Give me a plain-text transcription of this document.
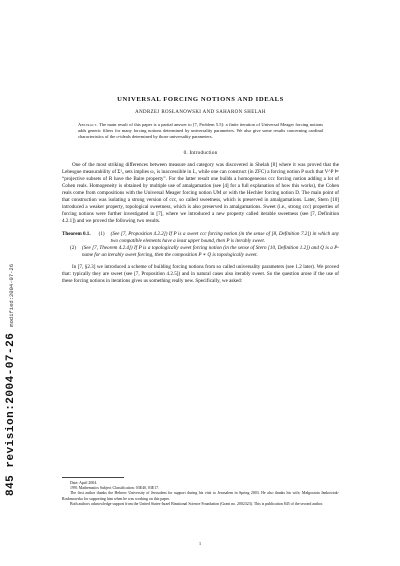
845 revision:2004-07-26
modified:2004-07-26
UNIVERSAL FORCING NOTIONS AND IDEALS
ANDRZEJ ROSŁANOWSKI AND SAHARON SHELAH
Abstract. The main result of this paper is a partial answer to [7, Problem 5.5]: a finite iteration of Universal Meager forcing notions adds generic filters for many forcing notions determined by universality parameters. We also give some results concerning cardinal characteristics of the σ-ideals determined by those universality parameters.
0. Introduction

One of the most striking differences between measure and category was discovered in Shelah [8] where it was proved that the Lebesgue measurability of Σ¹₃ sets implies ω₁ is inaccessible in L, while one can construct (in ZFC) a forcing notion P such that V^P ⊨ “projective subsets of R have the Baire property”. For the latter result one builds a homogeneous ccc forcing notion adding a lot of Cohen reals. Homogeneity is obtained by multiple use of amalgamation (see [4] for a full explanation of how this works), the Cohen reals come from compositions with the Universal Meager forcing notion UM or with the Hechler forcing notion D. The main point of that construction was isolating a strong version of ccc, so called sweetness, which is preserved in amalgamations. Later, Stern [10] introduced a weaker property, topological sweetness, which is also preserved in amalgamations. Sweet (i.e., strong ccc) properties of forcing notions were further investigated in [7], where we introduced a new property called iterable sweetness (see [7, Definition 4.2.1]) and we proved the following two results.

Theorem 0.1. (1)	(See [7, Proposition 4.2.2]) If P is a sweet ccc forcing notion (in the sense of [8, Definition 7.2]) in which any two compatible elements have a least upper bound, then P is iterably sweet.
(2)	(See [7, Theorem 4.2.4]) If P is a topologically sweet forcing notion (in the sense of Stern [10, Definition 1.2]) and Q is a P-name for an iterably sweet forcing, then the composition P ∗ Q is topologically sweet.

In [7, §2.3] we introduced a scheme of building forcing notions from so called universality parameters (see 1.2 later). We proved that: typically they are sweet (see [7, Proposition 4.2.5]) and in natural cases also iterably sweet. So the question arose if the use of these forcing notions in iterations gives us something really new. Specifically, we asked:

Date: April 2004.

1991 Mathematics Subject Classification. 03E40, 03E17.

The first author thanks the Hebrew University of Jerusalem for support during his visit to Jerusalem in Spring 2003. He also thanks his wife, Małgorzata Jankowiak-Rosłanowska for supporting him when he was working on this paper.

Both authors acknowledge support from the United States-Israel Binational Science Foundation (Grant no. 2002323). This is publication 845 of the second author.

1
